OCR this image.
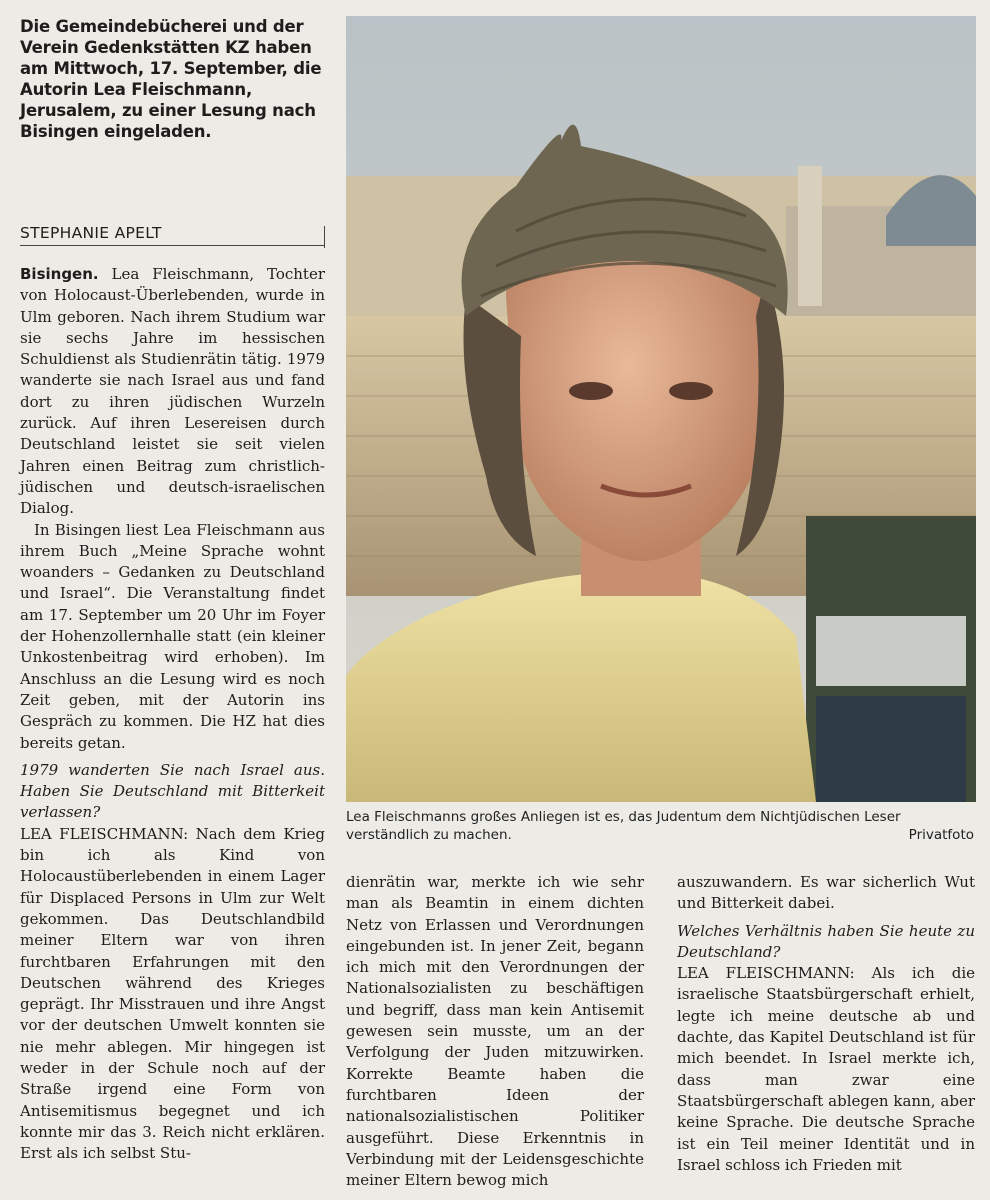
Die Gemeindebücherei und der Verein Gedenkstätten KZ haben am Mittwoch, 17. September, die Autorin Lea Fleischmann, Jerusalem, zu einer Lesung nach Bisingen eingeladen.
STEPHANIE APELT

Bisingen. Lea Fleischmann, Tochter von Holocaust-Überlebenden, wurde in Ulm geboren. Nach ihrem Studium war sie sechs Jahre im hessischen Schuldienst als Studienrätin tätig. 1979 wanderte sie nach Israel aus und fand dort zu ihren jüdischen Wurzeln zurück. Auf ihren Lesereisen durch Deutschland leistet sie seit vielen Jahren einen Beitrag zum christlich-jüdischen und deutsch-israelischen Dialog.

In Bisingen liest Lea Fleischmann aus ihrem Buch „Meine Sprache wohnt woanders – Gedanken zu Deutschland und Israel“. Die Veranstaltung findet am 17. September um 20 Uhr im Foyer der Hohenzollernhalle statt (ein kleiner Unkostenbeitrag wird erhoben). Im Anschluss an die Lesung wird es noch Zeit geben, mit der Autorin ins Gespräch zu kommen. Die HZ hat dies bereits getan.

1979 wanderten Sie nach Israel aus. Haben Sie Deutschland mit Bitterkeit verlassen?

LEA FLEISCHMANN: Nach dem Krieg bin ich als Kind von Holocaustüberlebenden in einem Lager für Displaced Persons in Ulm zur Welt gekommen. Das Deutschlandbild meiner Eltern war von ihren furchtbaren Erfahrungen mit den Deutschen während des Krieges geprägt. Ihr Misstrauen und ihre Angst vor der deutschen Umwelt konnten sie nie mehr ablegen. Mir hingegen ist weder in der Schule noch auf der Straße irgend eine Form von Antisemitismus begegnet und ich konnte mir das 3. Reich nicht erklären. Erst als ich selbst Stu-

Lea Fleischmanns großes Anliegen ist es, das Judentum dem Nichtjüdischen Leser verständlich zu machen.	Privatfoto

dienrätin war, merkte ich wie sehr man als Beamtin in einem dichten Netz von Erlassen und Verordnungen eingebunden ist. In jener Zeit, begann ich mich mit den Verordnungen der Nationalsozialisten zu beschäftigen und begriff, dass man kein Antisemit gewesen sein musste, um an der Verfolgung der Juden mitzuwirken. Korrekte Beamte haben die furchtbaren Ideen der nationalsozialistischen Politiker ausgeführt. Diese Erkenntnis in Verbindung mit der Leidensgeschichte meiner Eltern bewog mich

auszuwandern. Es war sicherlich Wut und Bitterkeit dabei.

Welches Verhältnis haben Sie heute zu Deutschland?

LEA FLEISCHMANN: Als ich die israelische Staatsbürgerschaft erhielt, legte ich meine deutsche ab und dachte, das Kapitel Deutschland ist für mich beendet. In Israel merkte ich, dass man zwar eine Staatsbürgerschaft ablegen kann, aber keine Sprache. Die deutsche Sprache ist ein Teil meiner Identität und in Israel schloss ich Frieden mit
